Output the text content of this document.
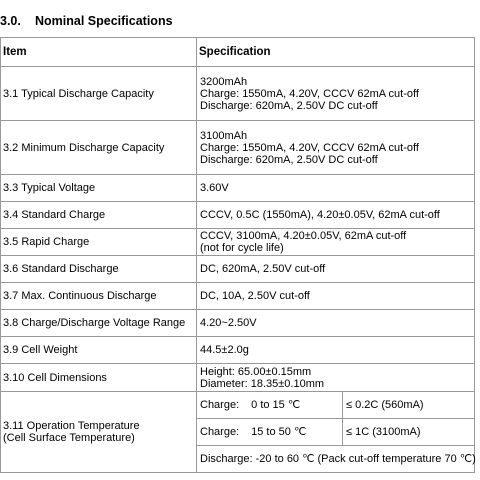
3.0. Nominal Specifications
Item	Specification	
3.1 Typical Discharge Capacity	3200mAh
Charge: 1550mA, 4.20V, CCCV 62mA cut-off
Discharge: 620mA, 2.50V DC cut-off	

3.2 Minimum Discharge Capacity	3100mAh
Charge: 1550mA, 4.20V, CCCV 62mA cut-off
Discharge: 620mA, 2.50V DC cut-off	

3.3 Typical Voltage	3.60V	

3.4 Standard Charge	CCCV, 0.5C (1550mA), 4.20±0.05V, 62mA cut-off	

3.5 Rapid Charge	CCCV, 3100mA, 4.20±0.05V, 62mA cut-off
(not for cycle life)	

3.6 Standard Discharge	DC, 620mA, 2.50V cut-off	

3.7 Max. Continuous Discharge	DC, 10A, 2.50V cut-off	

3.8 Charge/Discharge Voltage Range	4.20~2.50V	

3.9 Cell Weight	44.5±2.0g	

3.10 Cell Dimensions	Height: 65.00±0.15mm
Diameter: 18.35±0.10mm	

3.11 Operation Temperature
(Cell Surface Temperature)	Charge: 0 to 15 ℃	≤ 0.2C (560mA)
	Charge: 15 to 50 ℃	≤ 1C (3100mA)
	Discharge: -20 to 60 ℃ (Pack cut-off temperature 70 ℃)	
